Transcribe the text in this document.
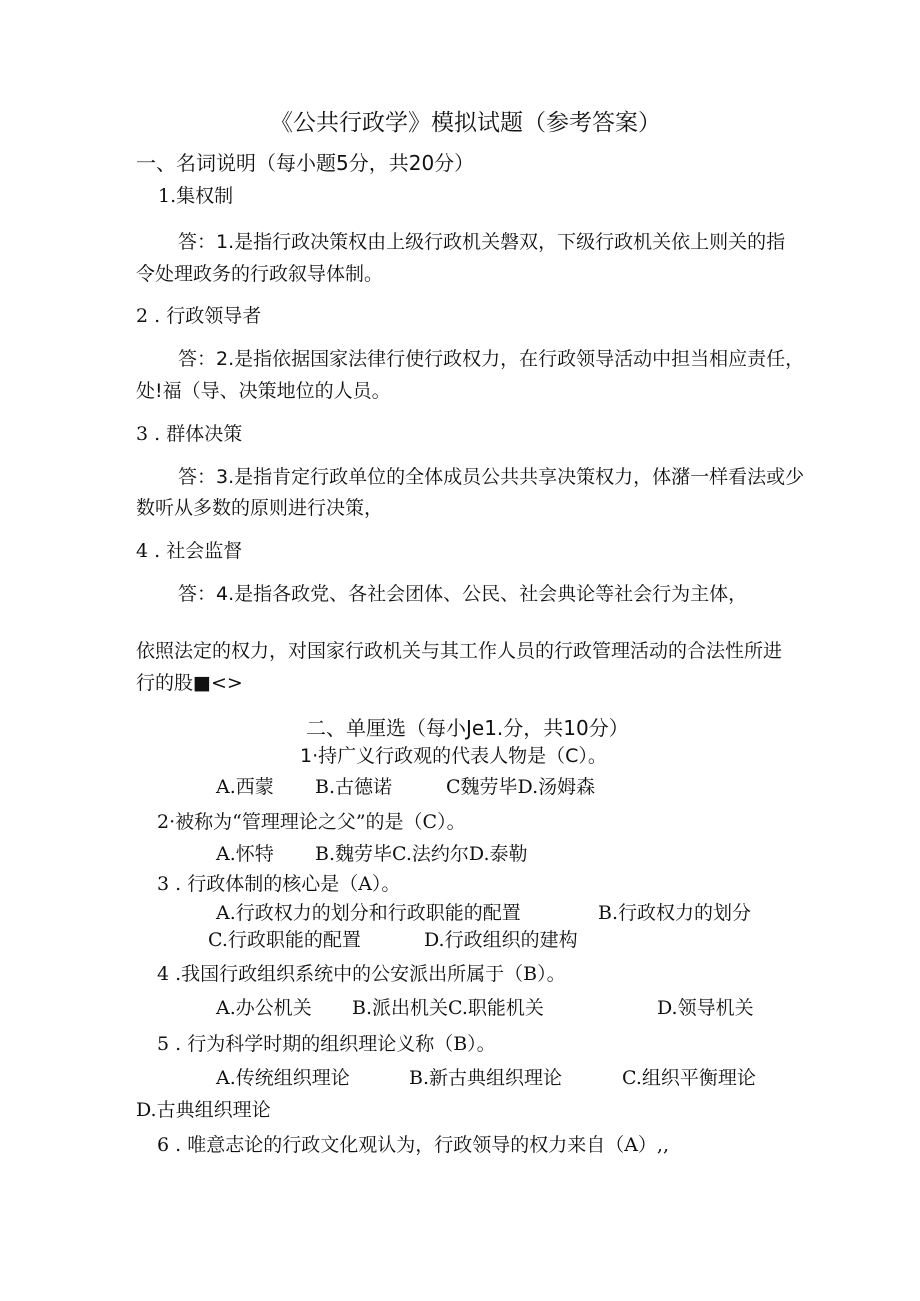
《公共行政学》模拟试题（参考答案）
一、名词说明（每小题5分，共20分）
1.集权制
答：1.是指行政决策权由上级行政机关磐双，下级行政机关依上则关的指
令处理政务的行政叙导体制。
2 . 行政领导者
答：2.是指依据国家法律行使行政权力，在行政领导活动中担当相应责任，
处!福（导、决策地位的人员。
3 . 群体决策
答：3.是指肯定行政单位的全体成员公共共享决策权力，体潴一样看法或少
数听从多数的原则进行决策，
4 . 社会监督
答：4.是指各政党、各社会团体、公民、社会典论等社会行为主体，
依照法定的权力，对国家行政机关与其工作人员的行政管理活动的合法性所进
行的股■<>
二、单厘选（每小Je1.分，共10分）
1·持广义行政观的代表人物是（C）。
A.西蒙 B.古德诺	C魏劳毕D.汤姆森
2·被称为“管理理论之父”的是（C）。
A.怀特 B.魏劳毕C.法约尔D.泰勒
3 . 行政体制的核心是（A）。
A.行政权力的划分和行政职能的配置	B.行政权力的划分
C.行政职能的配置	D.行政组织的建构
4 .我国行政组织系统中的公安派出所属于（B）。
A.办公机关 B.派出机关C.职能机关	D.领导机关
5 . 行为科学时期的组织理论义称（B）。
A.传统组织理论	B.新古典组织理论	C.组织平衡理论
D.古典组织理论
6 . 唯意志论的行政文化观认为，行政领导的权力来自（A）,,
